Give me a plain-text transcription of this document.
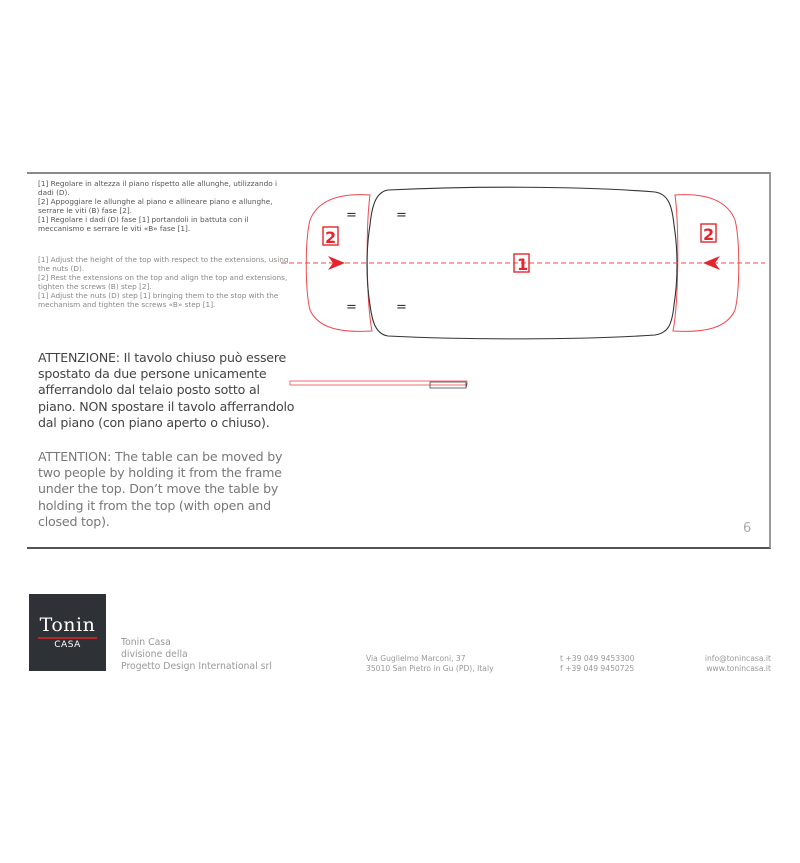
[1] Regolare in altezza il piano rispetto alle allunghe, utilizzando i dadi (D).

[2] Appoggiare le allunghe al piano e allineare piano e allunghe, serrare le viti (B) fase [2].

[1] Regolare i dadi (D) fase [1] portandoli in battuta con il meccanismo e serrare le viti «B» fase [1].

[1] Adjust the height of the top with respect to the extensions, using the nuts (D).

[2] Rest the extensions on the top and align the top and extensions, tighten the screws (B) step [2].

[1] Adjust the nuts (D) step [1] bringing them to the stop with the mechanism and tighten the screws «B» step [1].

ATTENZIONE: Il tavolo chiuso può essere spostato da due persone unicamente afferrandolo dal telaio posto sotto al piano. NON spostare il tavolo afferrandolo dal piano (con piano aperto o chiuso).
ATTENTION: The table can be moved by two people by holding it from the frame under the top. Don’t move the table by holding it from the top (with open and closed top).
=	=
=	=
2
1
2
6
Tonin
CASA	Tonin Casa
divisione della
Progetto Design International srl
Via Guglielmo Marconi, 37
35010 San Pietro in Gu (PD), Italy
t +39 049 9453300
f +39 049 9450725
info@tonincasa.it
www.tonincasa.it
